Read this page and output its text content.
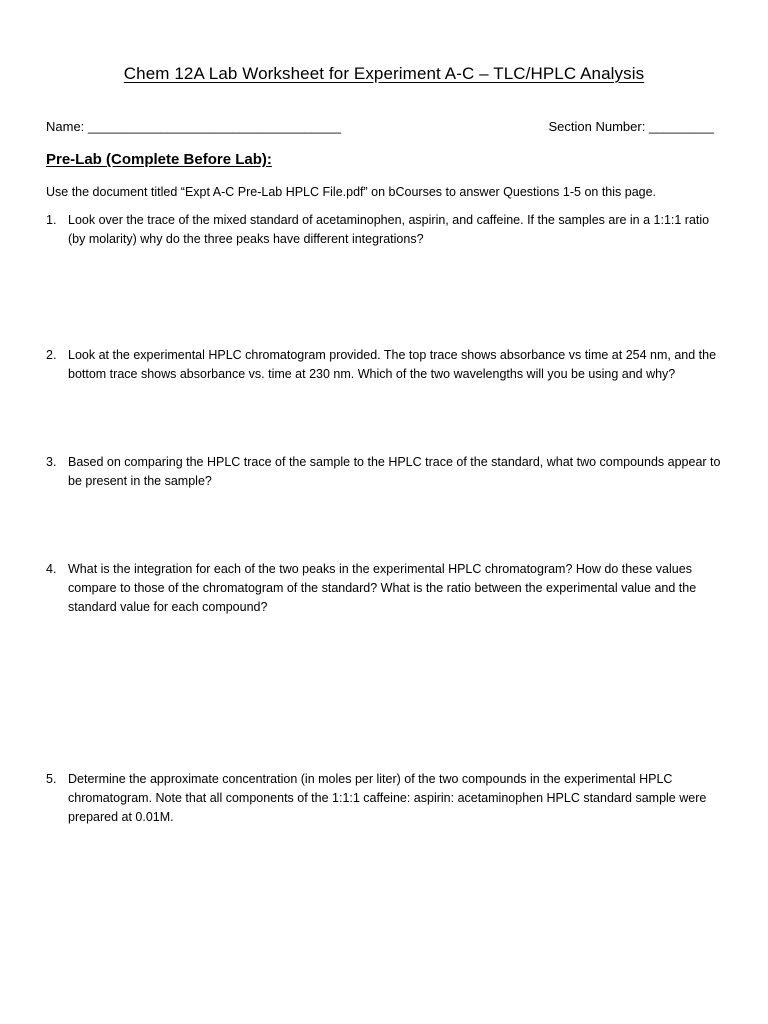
Chem 12A Lab Worksheet for Experiment A-C – TLC/HPLC Analysis
Name: ___________________________________	Section Number: _________
Pre-Lab (Complete Before Lab):
Use the document titled “Expt A-C Pre-Lab HPLC File.pdf” on bCourses to answer Questions 1-5 on this page.
1. Look over the trace of the mixed standard of acetaminophen, aspirin, and caffeine. If the samples are in a 1:1:1 ratio (by molarity) why do the three peaks have different integrations?
2. Look at the experimental HPLC chromatogram provided. The top trace shows absorbance vs time at 254 nm, and the bottom trace shows absorbance vs. time at 230 nm. Which of the two wavelengths will you be using and why?
3. Based on comparing the HPLC trace of the sample to the HPLC trace of the standard, what two compounds appear to be present in the sample?
4. What is the integration for each of the two peaks in the experimental HPLC chromatogram? How do these values compare to those of the chromatogram of the standard? What is the ratio between the experimental value and the standard value for each compound?
5. Determine the approximate concentration (in moles per liter) of the two compounds in the experimental HPLC chromatogram. Note that all components of the 1:1:1 caffeine: aspirin: acetaminophen HPLC standard sample were prepared at 0.01M.
